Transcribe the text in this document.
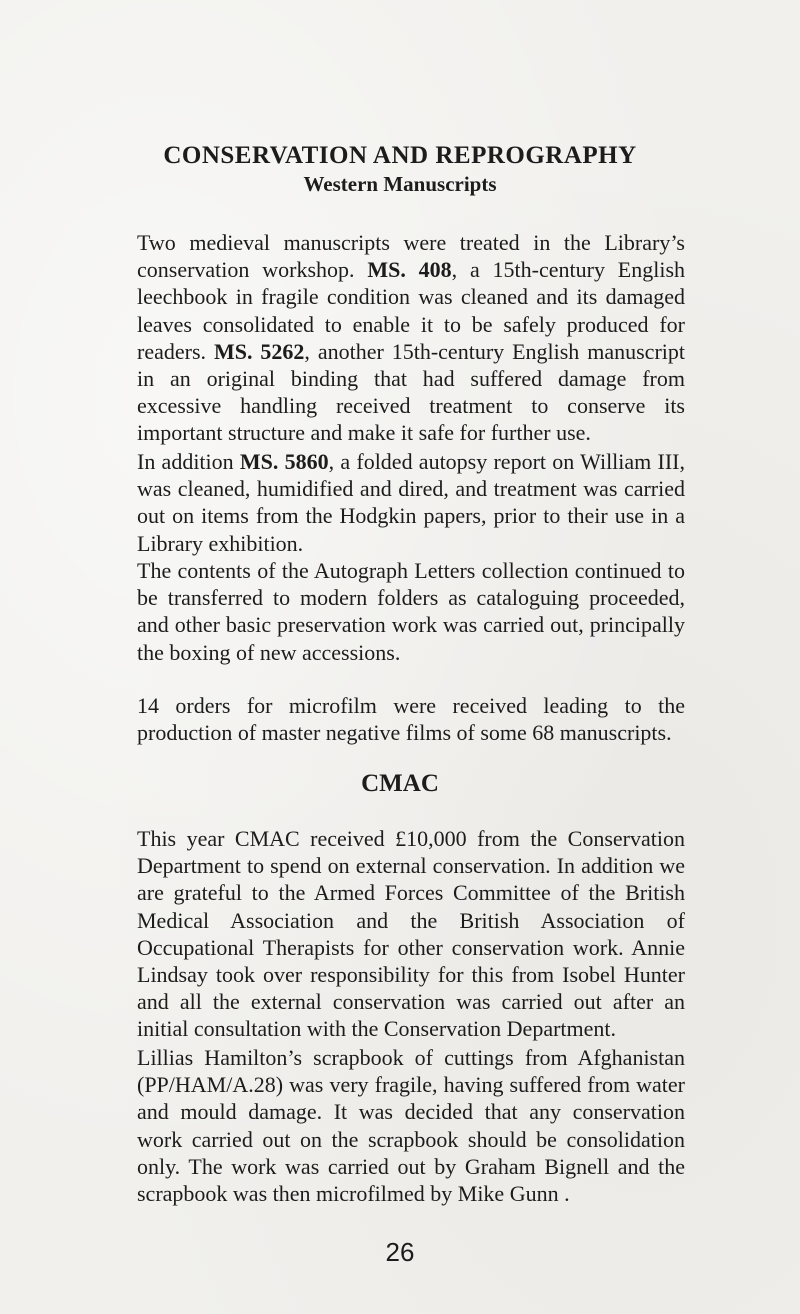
CONSERVATION AND REPROGRAPHY
Western Manuscripts

Two medieval manuscripts were treated in the Library’s conservation workshop. MS. 408, a 15th-century English leechbook in fragile condition was cleaned and its damaged leaves consolidated to enable it to be safely produced for readers. MS. 5262, another 15th-century English manuscript in an original binding that had suffered damage from excessive handling received treatment to conserve its important structure and make it safe for further use.

In addition MS. 5860, a folded autopsy report on William III, was cleaned, humidified and dired, and treatment was carried out on items from the Hodgkin papers, prior to their use in a Library exhibition.

The contents of the Autograph Letters collection continued to be transferred to modern folders as cataloguing proceeded, and other basic preservation work was carried out, principally the boxing of new accessions.

14 orders for microfilm were received leading to the production of master negative films of some 68 manuscripts.

CMAC

This year CMAC received £10,000 from the Conservation Department to spend on external conservation. In addition we are grateful to the Armed Forces Committee of the British Medical Association and the British Association of Occupational Therapists for other conservation work. Annie Lindsay took over responsibility for this from Isobel Hunter and all the external conservation was carried out after an initial consultation with the Conservation Department.

Lillias Hamilton’s scrapbook of cuttings from Afghanistan (PP/HAM/A.28) was very fragile, having suffered from water and mould damage. It was decided that any conservation work carried out on the scrapbook should be consolidation only. The work was carried out by Graham Bignell and the scrapbook was then microfilmed by Mike Gunn .

26
